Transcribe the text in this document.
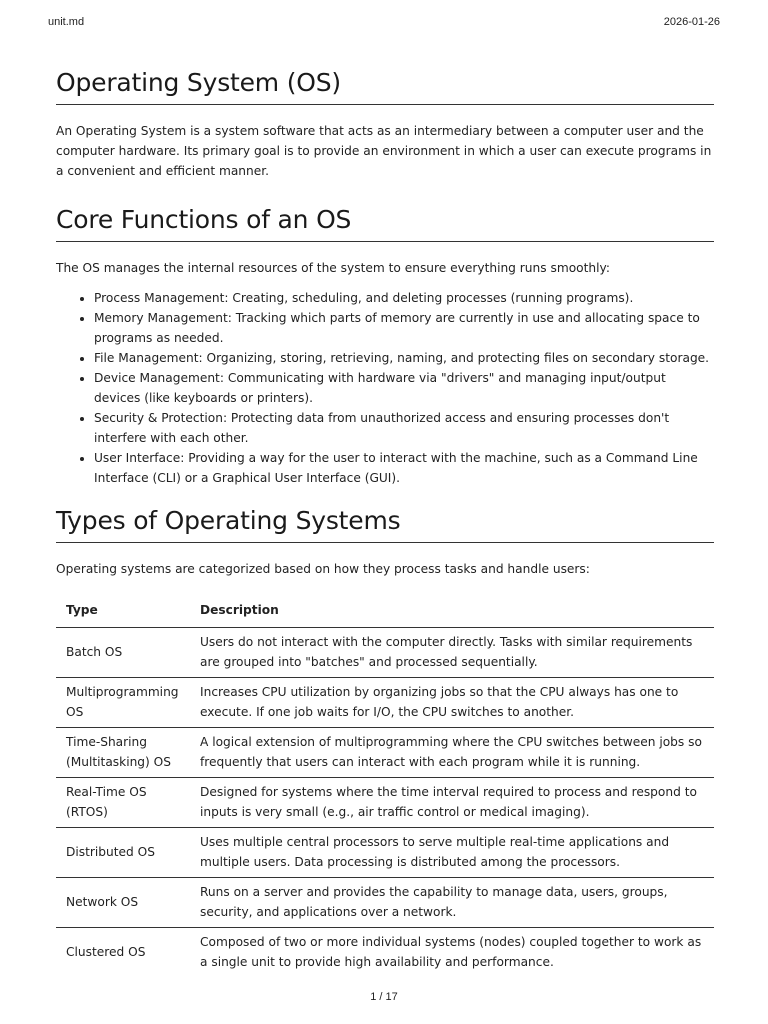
unit.md	2026-01-26
Operating System (OS)

An Operating System is a system software that acts as an intermediary between a computer user and the computer hardware. Its primary goal is to provide an environment in which a user can execute programs in a convenient and efficient manner.

Core Functions of an OS

The OS manages the internal resources of the system to ensure everything runs smoothly:

• Process Management: Creating, scheduling, and deleting processes (running programs).
• Memory Management: Tracking which parts of memory are currently in use and allocating space to programs as needed.
• File Management: Organizing, storing, retrieving, naming, and protecting files on secondary storage.
• Device Management: Communicating with hardware via "drivers" and managing input/output devices (like keyboards or printers).
• Security & Protection: Protecting data from unauthorized access and ensuring processes don't interfere with each other.
• User Interface: Providing a way for the user to interact with the machine, such as a Command Line Interface (CLI) or a Graphical User Interface (GUI).
Types of Operating Systems

Operating systems are categorized based on how they process tasks and handle users:

Type	Description
Batch OS	Users do not interact with the computer directly. Tasks with similar requirements are grouped into "batches" and processed sequentially.
Multiprogramming OS	Increases CPU utilization by organizing jobs so that the CPU always has one to execute. If one job waits for I/O, the CPU switches to another.
Time-Sharing (Multitasking) OS	A logical extension of multiprogramming where the CPU switches between jobs so frequently that users can interact with each program while it is running.
Real-Time OS (RTOS)	Designed for systems where the time interval required to process and respond to inputs is very small (e.g., air traffic control or medical imaging).
Distributed OS	Uses multiple central processors to serve multiple real-time applications and multiple users. Data processing is distributed among the processors.
Network OS	Runs on a server and provides the capability to manage data, users, groups, security, and applications over a network.
Clustered OS	Composed of two or more individual systems (nodes) coupled together to work as a single unit to provide high availability and performance.
1 / 17
